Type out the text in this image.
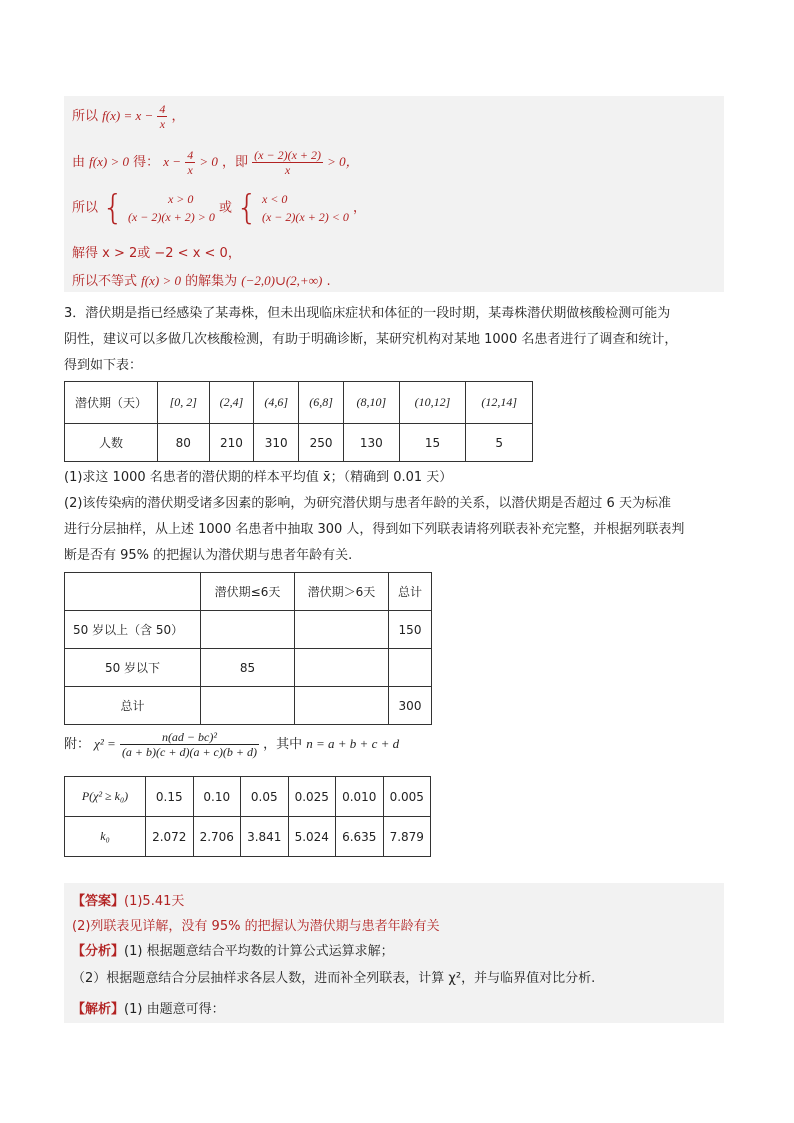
所以 $f(x) = x - \frac{4}{x}$ ，
由 f(x) > 0 得： $x - \frac{4}{x} > 0$ ，即 $\frac{(x - 2)(x + 2)}{x} > 0$，
所以 {	x > 0
(x − 2)(x + 2) > 0
或 { x < 0
(x − 2)(x + 2) < 0
，
解得 x > 2或 −2 < x < 0，
所以不等式 f(x) > 0 的解集为 (−2,0)∪(2,+∞) .
3．潜伏期是指已经感染了某毒株，但未出现临床症状和体征的一段时期，某毒株潜伏期做核酸检测可能为
阴性，建议可以多做几次核酸检测，有助于明确诊断，某研究机构对某地 1000 名患者进行了调查和统计，
得到如下表：
潜伏期（天）	[0, 2]	(2,4]	(4,6]	(6,8]	(8,10]	(10,12]	(12,14]
人数	80	210	310	250	130	15	5
(1)求这 1000 名患者的潜伏期的样本平均值 x̄；（精确到 0.01 天）
(2)该传染病的潜伏期受诸多因素的影响，为研究潜伏期与患者年龄的关系，以潜伏期是否超过 6 天为标准
进行分层抽样，从上述 1000 名患者中抽取 300 人，得到如下列联表请将列联表补充完整，并根据列联表判
断是否有 95% 的把握认为潜伏期与患者年龄有关.
	潜伏期≤6天	潜伏期＞6天	总计
50 岁以上（含 50）			150
50 岁以下	85		
总计			300
附： $\chi^2 = \frac{\text{n(ad − bc)²}}{(a + b)(c + d)(a + c)(b + d)}$ ，其中 n = a + b + c + d
P(χ² ≥ k₀)	0.15	0.10	0.05	0.025	0.010	0.005
k₀	2.072	2.706	3.841	5.024	6.635	7.879
【答案】(1)5.41天
(2)列联表见详解，没有 95% 的把握认为潜伏期与患者年龄有关
【分析】(1) 根据题意结合平均数的计算公式运算求解；
（2）根据题意结合分层抽样求各层人数，进而补全列联表，计算 χ²，并与临界值对比分析.
【解析】(1) 由题意可得：
